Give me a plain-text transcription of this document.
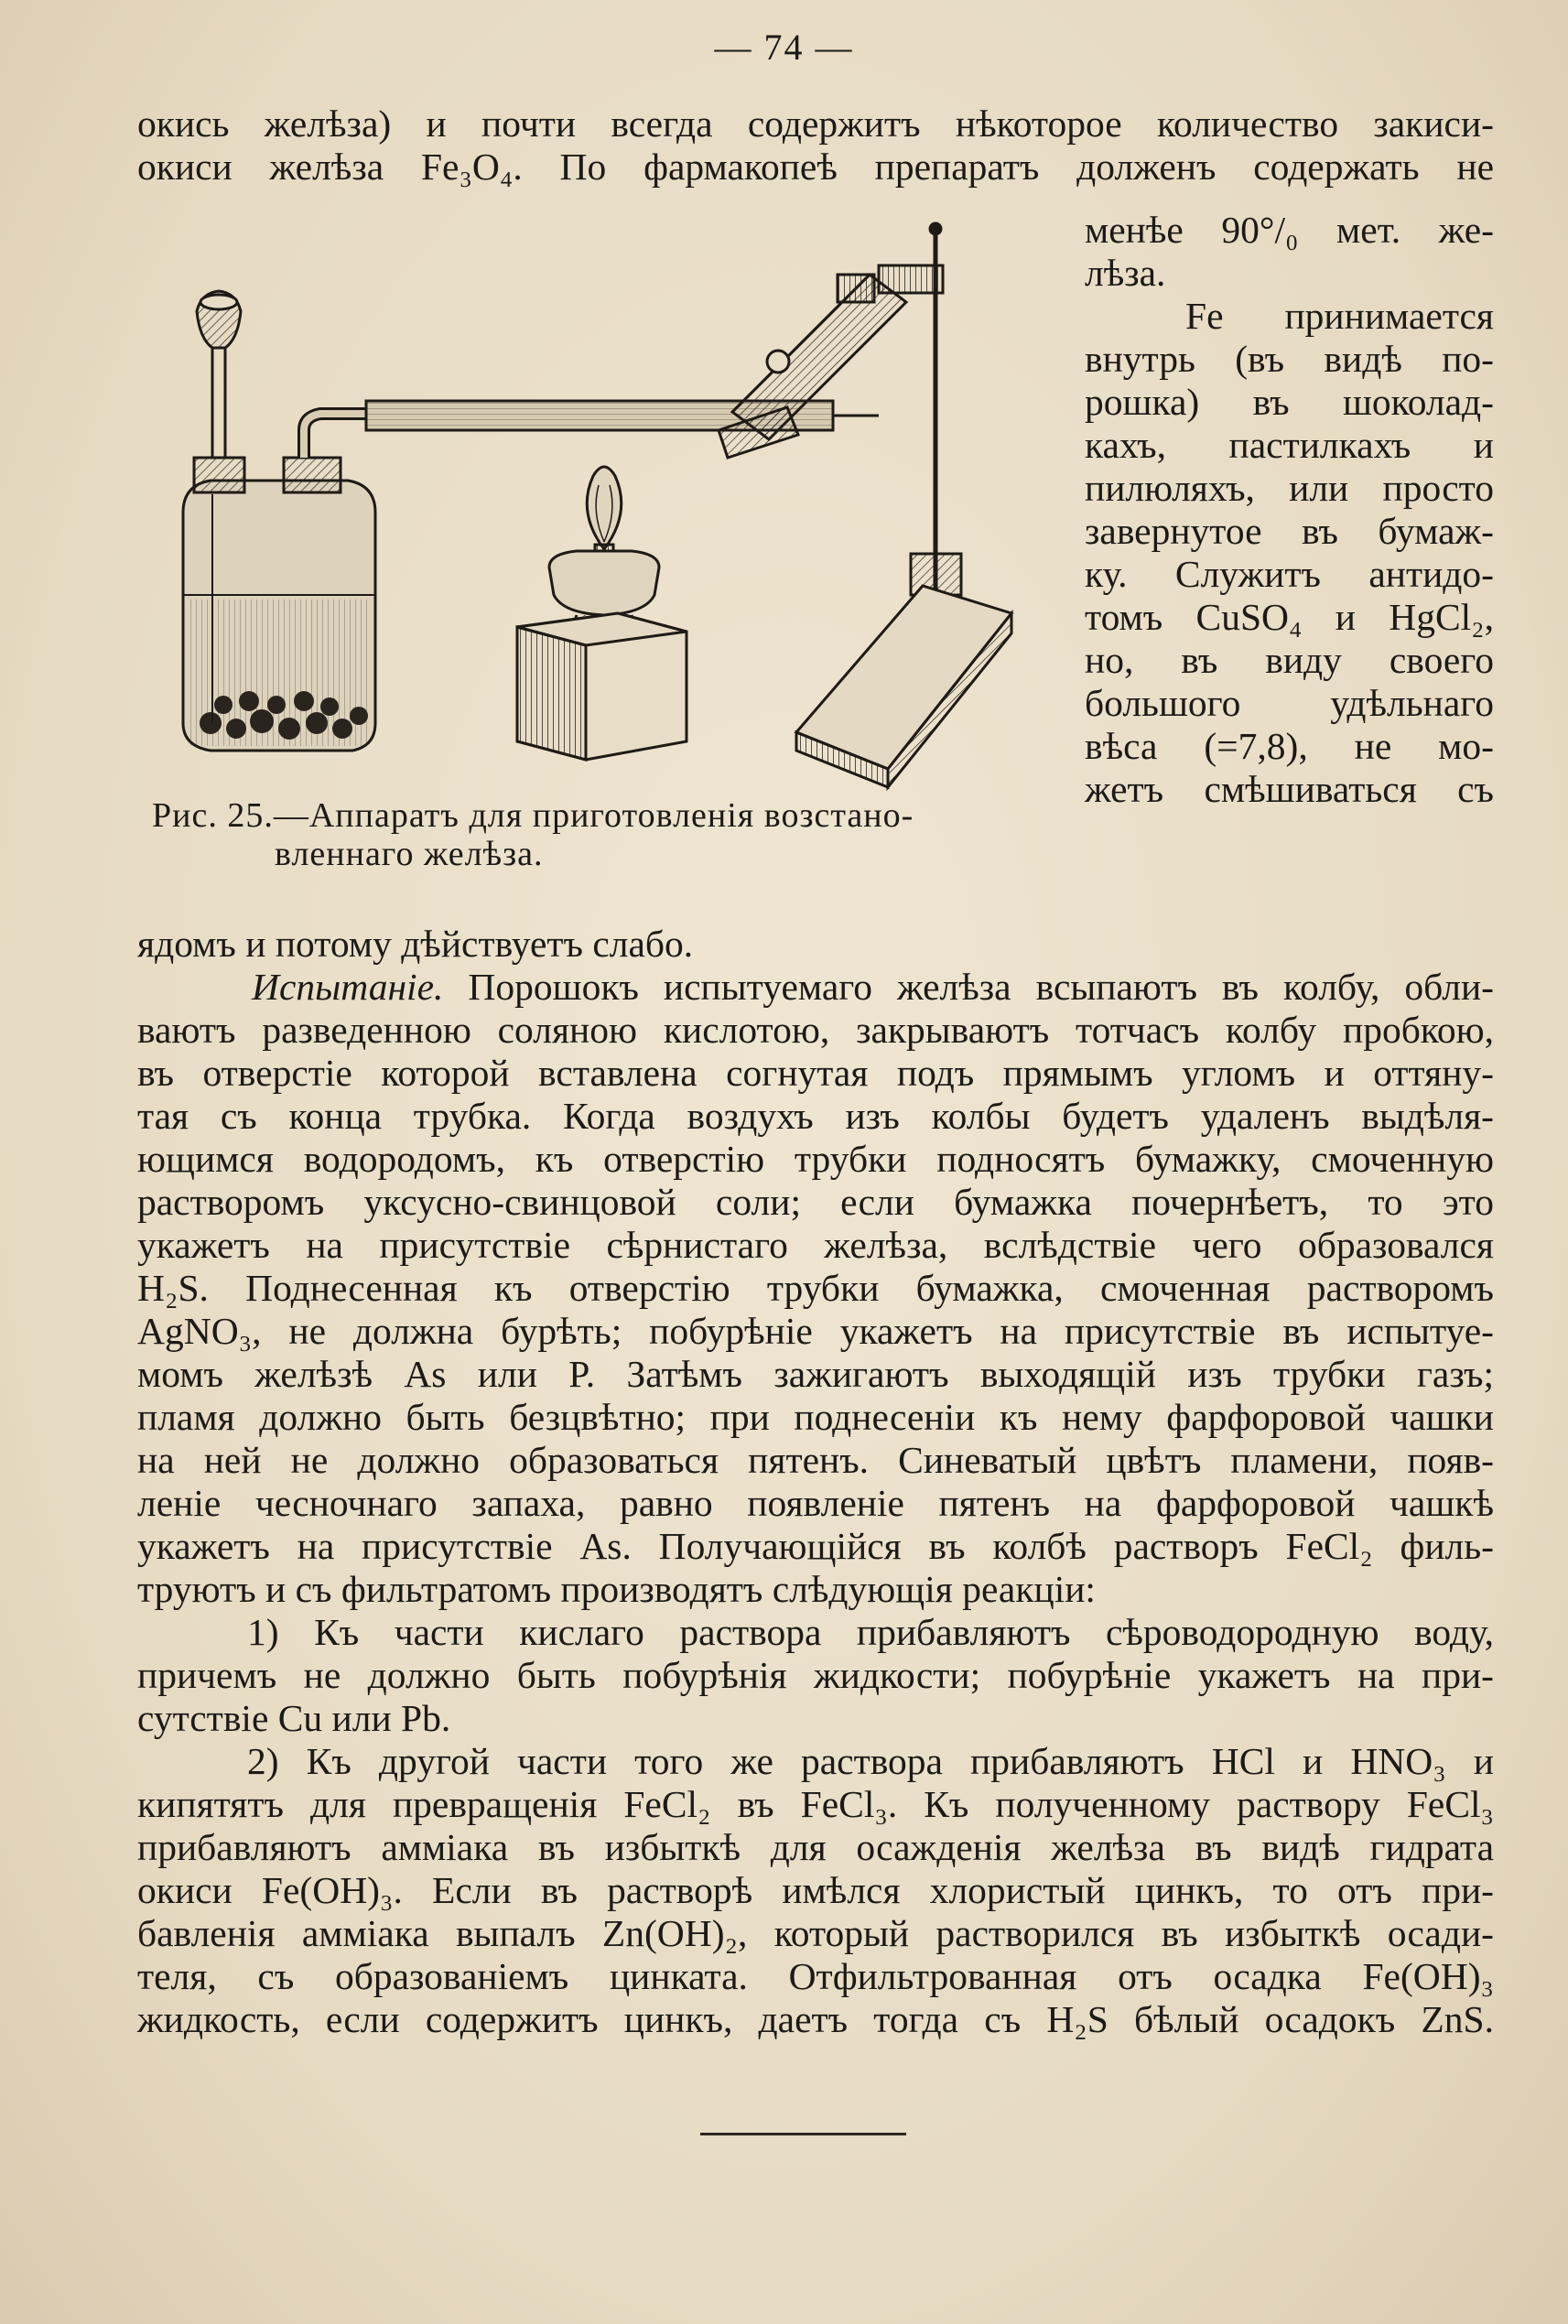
— 74 —
окись желѣза) и почти всегда содержитъ нѣкоторое количество закиси-
окиси желѣза Fe₃O₄. По фармакопеѣ препаратъ долженъ содержать не
Рис. 25.—Аппаратъ для приготовленія возстано-
вленнаго желѣза.
менѣе 90°/₀ мет. же-
лѣза.
Fe принимается
внутрь (въ видѣ по-
рошка) въ шоколад-
кахъ, пастилкахъ и
пилюляхъ, или просто
завернутое въ бумаж-
ку. Служитъ антидо-
томъ CuSO₄ и HgCl₂,
но, въ виду своего
большого удѣльнаго
вѣса (=7,8), не мо-
жетъ смѣшиваться съ
ядомъ и потому дѣйствуетъ слабо.
Испытаніе. Порошокъ испытуемаго желѣза всыпаютъ въ колбу, обли-
ваютъ разведенною соляною кислотою, закрываютъ тотчасъ колбу пробкою,
въ отверстіе которой вставлена согнутая подъ прямымъ угломъ и оттяну-
тая съ конца трубка. Когда воздухъ изъ колбы будетъ удаленъ выдѣля-
ющимся водородомъ, къ отверстію трубки подносятъ бумажку, смоченную
растворомъ уксусно-свинцовой соли; если бумажка почернѣетъ, то это
укажетъ на присутствіе сѣрнистаго желѣза, вслѣдствіе чего образовался
H₂S. Поднесенная къ отверстію трубки бумажка, смоченная растворомъ
AgNO₃, не должна бурѣть; побурѣніе укажетъ на присутствіе въ испытуе-
момъ желѣзѣ As или P. Затѣмъ зажигаютъ выходящій изъ трубки газъ;
пламя должно быть безцвѣтно; при поднесеніи къ нему фарфоровой чашки
на ней не должно образоваться пятенъ. Синеватый цвѣтъ пламени, появ-
леніе чесночнаго запаха, равно появленіе пятенъ на фарфоровой чашкѣ
укажетъ на присутствіе As. Получающійся въ колбѣ растворъ FeCl₂ филь-
труютъ и съ фильтратомъ производятъ слѣдующія реакціи:
1) Къ части кислаго раствора прибавляютъ сѣроводородную воду,
причемъ не должно быть побурѣнія жидкости; побурѣніе укажетъ на при-
сутствіе Cu или Pb.
2) Къ другой части того же раствора прибавляютъ HCl и HNO₃ и
кипятятъ для превращенія FeCl₂ въ FeCl₃. Къ полученному раствору FeCl₃
прибавляютъ амміака въ избыткѣ для осажденія желѣза въ видѣ гидрата
окиси Fe(OH)₃. Если въ растворѣ имѣлся хлористый цинкъ, то отъ при-
бавленія амміака выпалъ Zn(OH)₂, который растворился въ избыткѣ осади-
теля, съ образованіемъ цинката. Отфильтрованная отъ осадка Fe(OH)₃
жидкость, если содержитъ цинкъ, даетъ тогда съ H₂S бѣлый осадокъ ZnS.
